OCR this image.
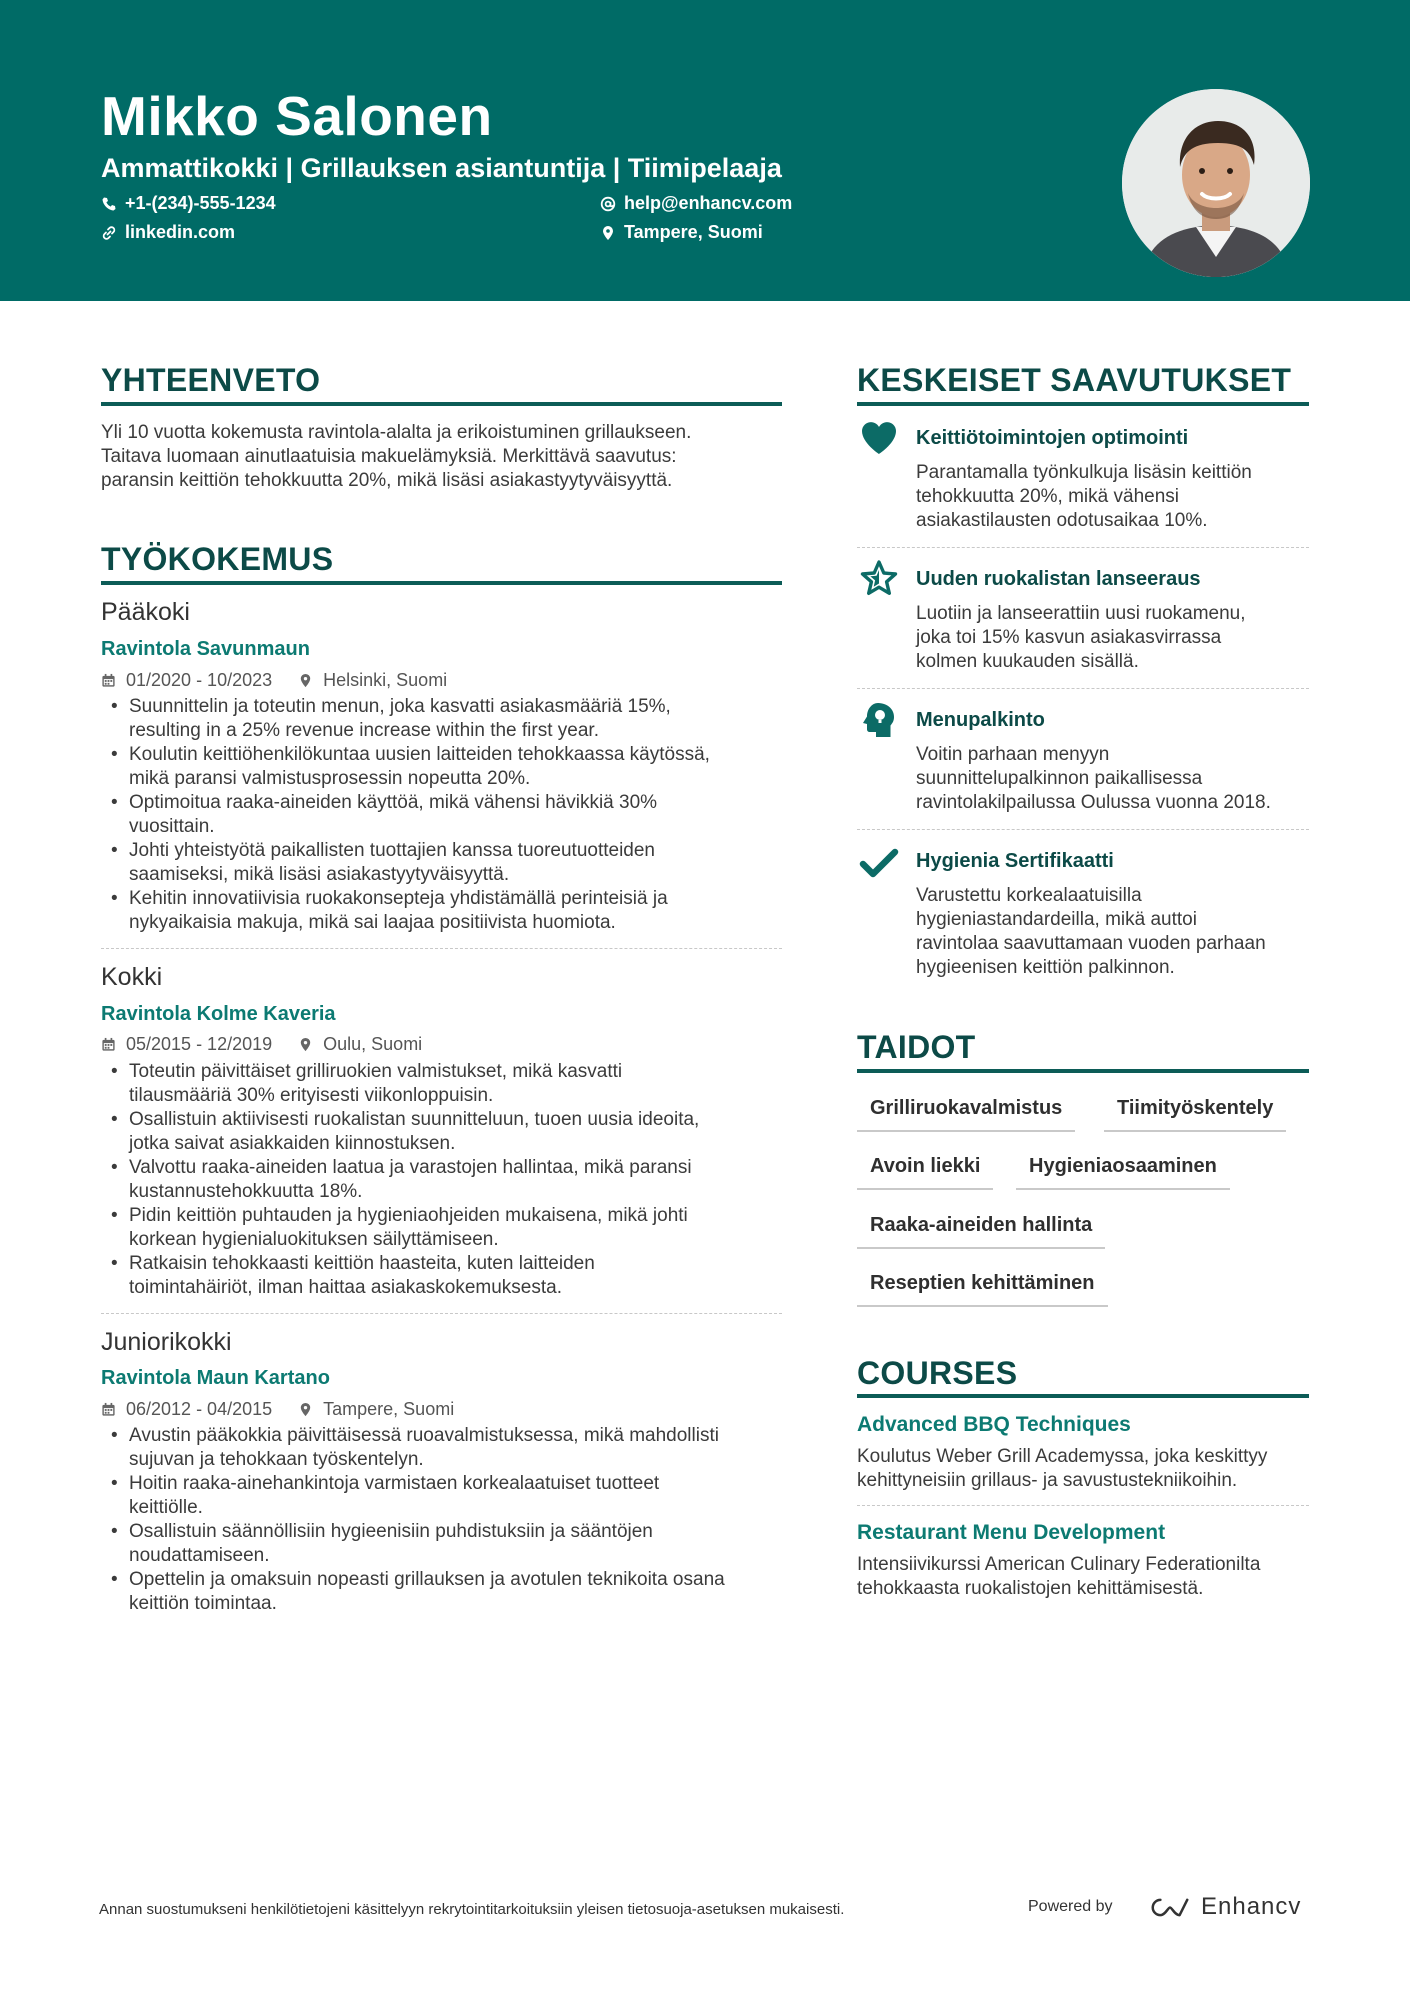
Mikko Salonen
Ammattikokki | Grillauksen asiantuntija | Tiimipelaaja
+1-(234)-555-1234	help@enhancv.com
linkedin.com	Tampere, Suomi
YHTEENVETO
Yli 10 vuotta kokemusta ravintola-alalta ja erikoistuminen grillaukseen.
Taitava luomaan ainutlaatuisia makuelämyksiä. Merkittävä saavutus:
paransin keittiön tehokkuutta 20%, mikä lisäsi asiakastyytyväisyyttä.
TYÖKOKEMUS
Pääkoki
Ravintola Savunmaun
01/2020 - 10/2023	Helsinki, Suomi
• Suunnittelin ja toteutin menun, joka kasvatti asiakasmääriä 15%,
resulting in a 25% revenue increase within the first year.
• Koulutin keittiöhenkilökuntaa uusien laitteiden tehokkaassa käytössä,
mikä paransi valmistusprosessin nopeutta 20%.
• Optimoitua raaka-aineiden käyttöä, mikä vähensi hävikkiä 30%
vuosittain.
• Johti yhteistyötä paikallisten tuottajien kanssa tuoreutuotteiden
saamiseksi, mikä lisäsi asiakastyytyväisyyttä.
• Kehitin innovatiivisia ruokakonsepteja yhdistämällä perinteisiä ja
nykyaikaisia makuja, mikä sai laajaa positiivista huomiota.
Kokki
Ravintola Kolme Kaveria
05/2015 - 12/2019	Oulu, Suomi
• Toteutin päivittäiset grilliruokien valmistukset, mikä kasvatti
tilausmääriä 30% erityisesti viikonloppuisin.
• Osallistuin aktiivisesti ruokalistan suunnitteluun, tuoen uusia ideoita,
jotka saivat asiakkaiden kiinnostuksen.
• Valvottu raaka-aineiden laatua ja varastojen hallintaa, mikä paransi
kustannustehokkuutta 18%.
• Pidin keittiön puhtauden ja hygieniaohjeiden mukaisena, mikä johti
korkean hygienialuokituksen säilyttämiseen.
• Ratkaisin tehokkaasti keittiön haasteita, kuten laitteiden
toimintahäiriöt, ilman haittaa asiakaskokemuksesta.
Juniorikokki
Ravintola Maun Kartano
06/2012 - 04/2015	Tampere, Suomi
• Avustin pääkokkia päivittäisessä ruoavalmistuksessa, mikä mahdollisti
sujuvan ja tehokkaan työskentelyn.
• Hoitin raaka-ainehankintoja varmistaen korkealaatuiset tuotteet
keittiölle.
• Osallistuin säännöllisiin hygieenisiin puhdistuksiin ja sääntöjen
noudattamiseen.
• Opettelin ja omaksuin nopeasti grillauksen ja avotulen teknikoita osana
keittiön toimintaa.
KESKEISET SAAVUTUKSET
Keittiötoimintojen optimointi
Parantamalla työnkulkuja lisäsin keittiön
tehokkuutta 20%, mikä vähensi
asiakastilausten odotusaikaa 10%.
Uuden ruokalistan lanseeraus
Luotiin ja lanseerattiin uusi ruokamenu,
joka toi 15% kasvun asiakasvirrassa
kolmen kuukauden sisällä.
Menupalkinto
Voitin parhaan menyyn
suunnittelupalkinnon paikallisessa
ravintolakilpailussa Oulussa vuonna 2018.
Hygienia Sertifikaatti
Varustettu korkealaatuisilla
hygieniastandardeilla, mikä auttoi
ravintolaa saavuttamaan vuoden parhaan
hygieenisen keittiön palkinnon.
TAIDOT
Grilliruokavalmistus	Tiimityöskentely
Avoin liekki	Hygieniaosaaminen
Raaka-aineiden hallinta
Reseptien kehittäminen
COURSES
Advanced BBQ Techniques
Koulutus Weber Grill Academyssa, joka keskittyy
kehittyneisiin grillaus- ja savustustekniikoihin.
Restaurant Menu Development
Intensiivikurssi American Culinary Federationilta
tehokkaasta ruokalistojen kehittämisestä.
Annan suostumukseni henkilötietojeni käsittelyyn rekrytointitarkoituksiin yleisen tietosuoja-asetuksen mukaisesti.	Powered by	Enhancv
